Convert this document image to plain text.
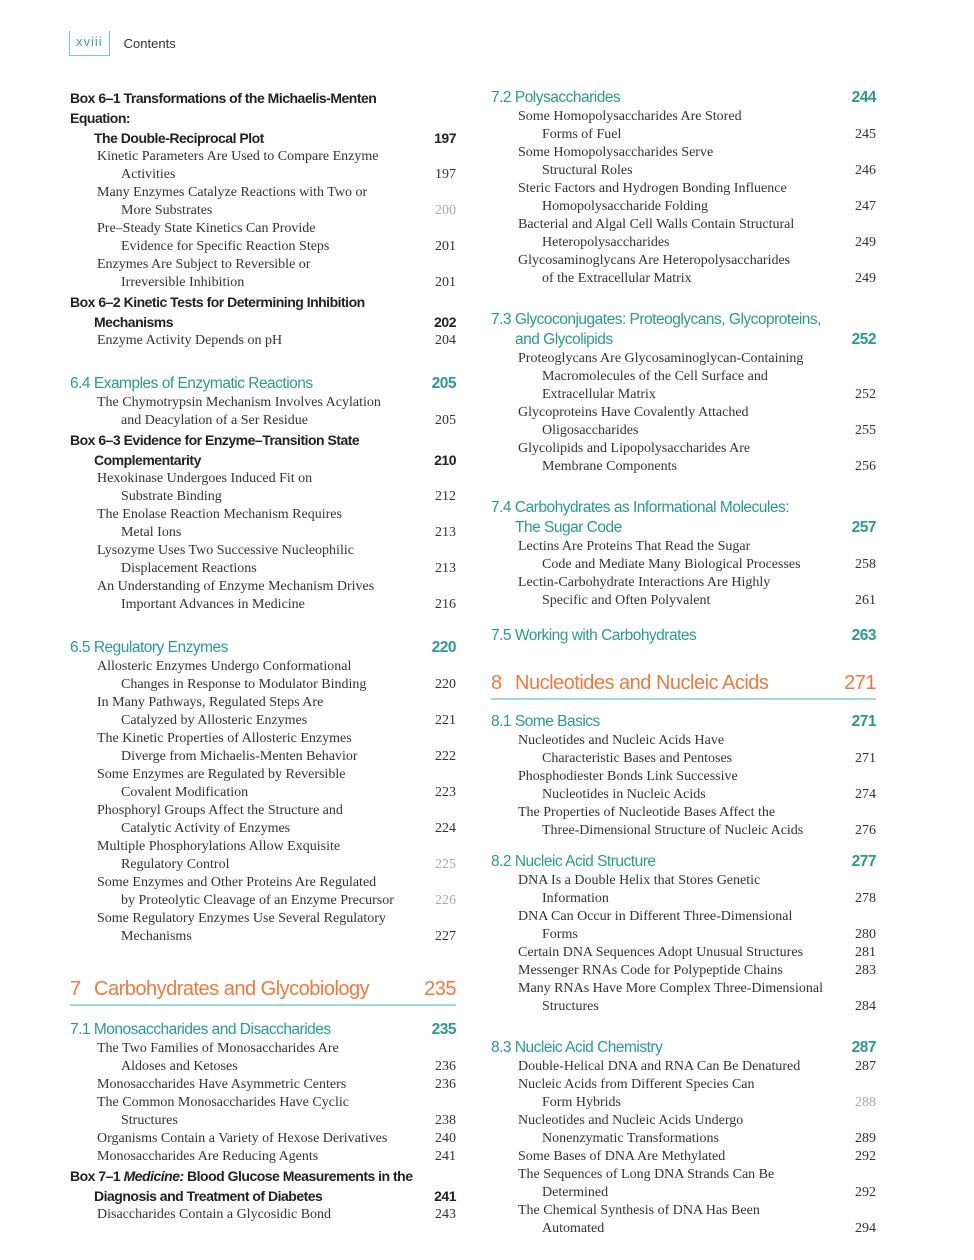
xviii	Contents
Box 6–1 Transformations of the Michaelis-Menten Equation:
The Double-Reciprocal Plot	197
Kinetic Parameters Are Used to Compare Enzyme
Activities	197
Many Enzymes Catalyze Reactions with Two or
More Substrates	200
Pre–Steady State Kinetics Can Provide
Evidence for Specific Reaction Steps	201
Enzymes Are Subject to Reversible or
Irreversible Inhibition	201
Box 6–2 Kinetic Tests for Determining Inhibition
Mechanisms	202
Enzyme Activity Depends on pH	204
6.4 Examples of Enzymatic Reactions	205
The Chymotrypsin Mechanism Involves Acylation
and Deacylation of a Ser Residue	205
Box 6–3 Evidence for Enzyme–Transition State
Complementarity	210
Hexokinase Undergoes Induced Fit on
Substrate Binding	212
The Enolase Reaction Mechanism Requires
Metal Ions	213
Lysozyme Uses Two Successive Nucleophilic
Displacement Reactions	213
An Understanding of Enzyme Mechanism Drives
Important Advances in Medicine	216
6.5 Regulatory Enzymes	220
Allosteric Enzymes Undergo Conformational
Changes in Response to Modulator Binding	220
In Many Pathways, Regulated Steps Are
Catalyzed by Allosteric Enzymes	221
The Kinetic Properties of Allosteric Enzymes
Diverge from Michaelis-Menten Behavior	222
Some Enzymes are Regulated by Reversible
Covalent Modification	223
Phosphoryl Groups Affect the Structure and
Catalytic Activity of Enzymes	224
Multiple Phosphorylations Allow Exquisite
Regulatory Control	225
Some Enzymes and Other Proteins Are Regulated
by Proteolytic Cleavage of an Enzyme Precursor	226
Some Regulatory Enzymes Use Several Regulatory
Mechanisms	227
7 Carbohydrates and Glycobiology	235
7.1 Monosaccharides and Disaccharides	235
The Two Families of Monosaccharides Are
Aldoses and Ketoses	236
Monosaccharides Have Asymmetric Centers	236
The Common Monosaccharides Have Cyclic
Structures	238
Organisms Contain a Variety of Hexose Derivatives	240
Monosaccharides Are Reducing Agents	241
Box 7–1 Medicine: Blood Glucose Measurements in the
Diagnosis and Treatment of Diabetes	241
Disaccharides Contain a Glycosidic Bond	243
7.2 Polysaccharides	244
Some Homopolysaccharides Are Stored
Forms of Fuel	245
Some Homopolysaccharides Serve
Structural Roles	246
Steric Factors and Hydrogen Bonding Influence
Homopolysaccharide Folding	247
Bacterial and Algal Cell Walls Contain Structural
Heteropolysaccharides	249
Glycosaminoglycans Are Heteropolysaccharides
of the Extracellular Matrix	249
7.3 Glycoconjugates: Proteoglycans, Glycoproteins,
and Glycolipids	252
Proteoglycans Are Glycosaminoglycan-Containing
Macromolecules of the Cell Surface and
Extracellular Matrix	252
Glycoproteins Have Covalently Attached
Oligosaccharides	255
Glycolipids and Lipopolysaccharides Are
Membrane Components	256
7.4 Carbohydrates as Informational Molecules:
The Sugar Code	257
Lectins Are Proteins That Read the Sugar
Code and Mediate Many Biological Processes	258
Lectin-Carbohydrate Interactions Are Highly
Specific and Often Polyvalent	261
7.5 Working with Carbohydrates	263
8 Nucleotides and Nucleic Acids	271
8.1 Some Basics	271
Nucleotides and Nucleic Acids Have
Characteristic Bases and Pentoses	271
Phosphodiester Bonds Link Successive
Nucleotides in Nucleic Acids	274
The Properties of Nucleotide Bases Affect the
Three-Dimensional Structure of Nucleic Acids	276
8.2 Nucleic Acid Structure	277
DNA Is a Double Helix that Stores Genetic
Information	278
DNA Can Occur in Different Three-Dimensional
Forms	280
Certain DNA Sequences Adopt Unusual Structures	281
Messenger RNAs Code for Polypeptide Chains	283
Many RNAs Have More Complex Three-Dimensional
Structures	284
8.3 Nucleic Acid Chemistry	287
Double-Helical DNA and RNA Can Be Denatured	287
Nucleic Acids from Different Species Can
Form Hybrids	288
Nucleotides and Nucleic Acids Undergo
Nonenzymatic Transformations	289
Some Bases of DNA Are Methylated	292
The Sequences of Long DNA Strands Can Be
Determined	292
The Chemical Synthesis of DNA Has Been
Automated	294
